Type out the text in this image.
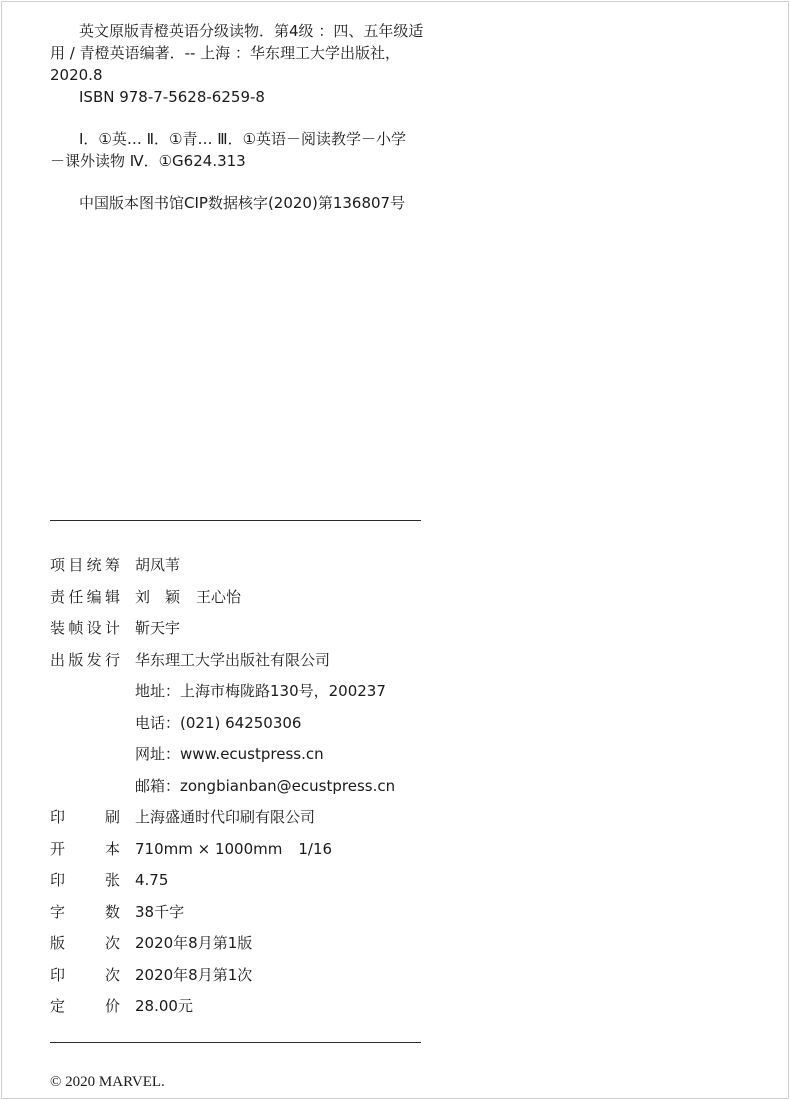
英文原版青橙英语分级读物．第4级 ：四、五年级适
用 / 青橙英语编著．-- 上海 ：华东理工大学出版社，
2020.8
ISBN 978-7-5628-6259-8
Ⅰ．①英… Ⅱ．①青… Ⅲ．①英语－阅读教学－小学
－课外读物 Ⅳ．①G624.313
中国版本图书馆CIP数据核字(2020)第136807号
项目统筹 胡凤苇
责任编辑 刘　颖 王心怡
装帧设计 靳天宇
出版发行 华东理工大学出版社有限公司
地址：上海市梅陇路130号，200237
电话：(021) 64250306
网址：www.ecustpress.cn
邮箱：zongbianban@ecustpress.cn
印刷 上海盛通时代印刷有限公司
开本 710mm × 1000mm 1/16
印张 4.75
字数 38千字
版次 2020年8月第1版
印次 2020年8月第1次
定价 28.00元
© 2020 MARVEL.
